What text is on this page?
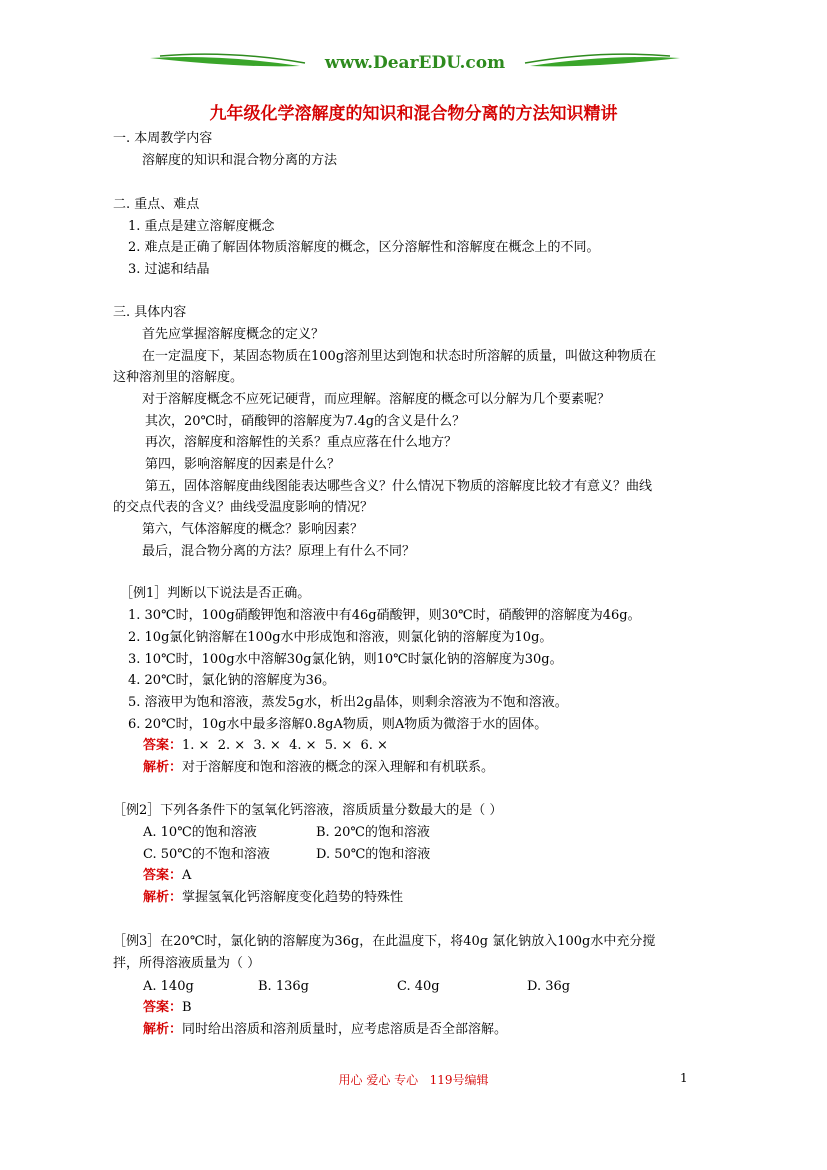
www.DearEDU.com
九年级化学溶解度的知识和混合物分离的方法知识精讲
一. 本周教学内容
溶解度的知识和混合物分离的方法
二. 重点、难点
1. 重点是建立溶解度概念
2. 难点是正确了解固体物质溶解度的概念，区分溶解性和溶解度在概念上的不同。
3. 过滤和结晶
三. 具体内容
首先应掌握溶解度概念的定义？
在一定温度下，某固态物质在100g溶剂里达到饱和状态时所溶解的质量，叫做这种物质在
这种溶剂里的溶解度。
对于溶解度概念不应死记硬背，而应理解。溶解度的概念可以分解为几个要素呢？
其次，20℃时，硝酸钾的溶解度为7.4g的含义是什么？
再次，溶解度和溶解性的关系？重点应落在什么地方？
第四，影响溶解度的因素是什么？
第五，固体溶解度曲线图能表达哪些含义？什么情况下物质的溶解度比较才有意义？曲线
的交点代表的含义？曲线受温度影响的情况？
第六，气体溶解度的概念？影响因素？
最后，混合物分离的方法？原理上有什么不同？
［例1］判断以下说法是否正确。
1. 30℃时，100g硝酸钾饱和溶液中有46g硝酸钾，则30℃时，硝酸钾的溶解度为46g。
2. 10g氯化钠溶解在100g水中形成饱和溶液，则氯化钠的溶解度为10g。
3. 10℃时，100g水中溶解30g氯化钠，则10℃时氯化钠的溶解度为30g。
4. 20℃时，氯化钠的溶解度为36。
5. 溶液甲为饱和溶液，蒸发5g水，析出2g晶体，则剩余溶液为不饱和溶液。
6. 20℃时，10g水中最多溶解0.8gA物质，则A物质为微溶于水的固体。
答案：1. ×  2. ×  3. ×  4. ×  5. ×  6. ×
解析：对于溶解度和饱和溶液的概念的深入理解和有机联系。
［例2］下列各条件下的氢氧化钙溶液，溶质质量分数最大的是（ ）
A. 10℃的饱和溶液	B. 20℃的饱和溶液
C. 50℃的不饱和溶液	D. 50℃的饱和溶液
答案：A
解析：掌握氢氧化钙溶解度变化趋势的特殊性
［例3］在20℃时，氯化钠的溶解度为36g，在此温度下，将40g 氯化钠放入100g水中充分搅
拌，所得溶液质量为（ ）
A. 140g	B. 136g	C. 40g	D. 36g
答案：B
解析：同时给出溶质和溶剂质量时，应考虑溶质是否全部溶解。
用心 爱心 专心   119号编辑	1
